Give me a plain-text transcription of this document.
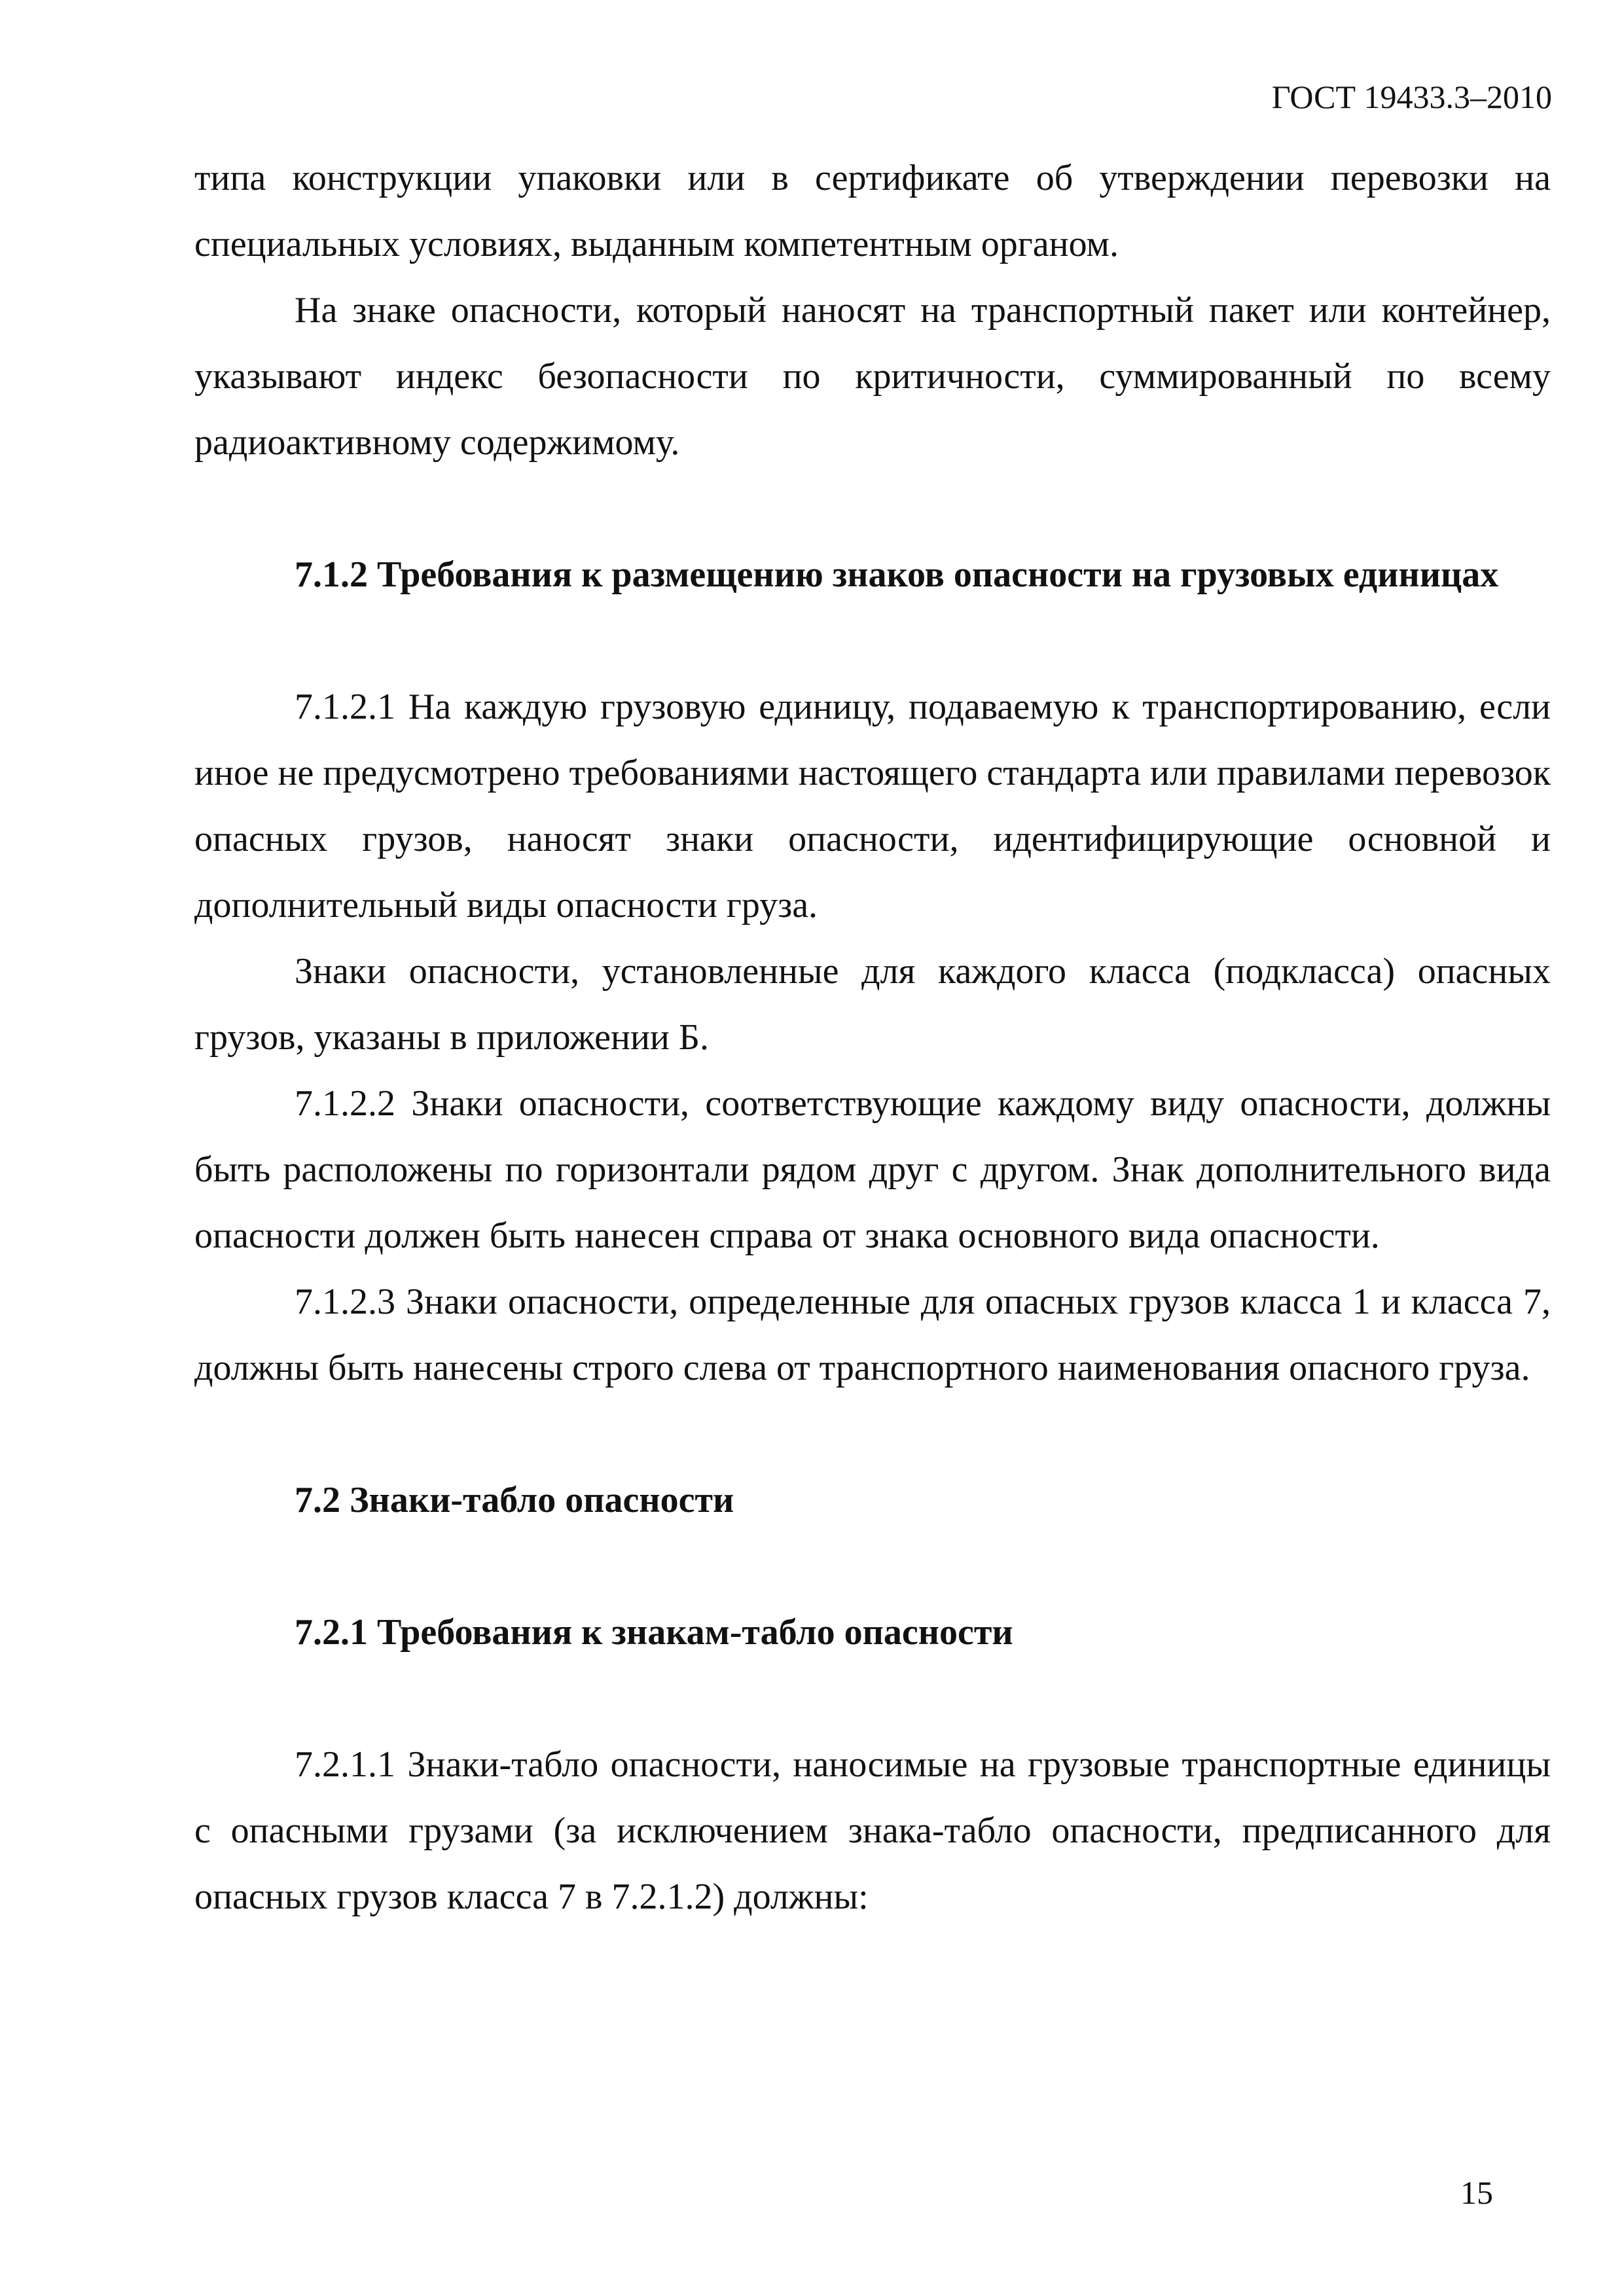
ГОСТ 19433.3–2010

типа конструкции упаковки или в сертификате об утверждении перевозки на специальных условиях, выданным компетентным органом.

На знаке опасности, который наносят на транспортный пакет или контейнер, указывают индекс безопасности по критичности, суммированный по всему радиоактивному содержимому.

7.1.2 Требования к размещению знаков опасности на грузовых единицах

7.1.2.1 На каждую грузовую единицу, подаваемую к транспортированию, если иное не предусмотрено требованиями настоящего стандарта или правилами перевозок опасных грузов, наносят знаки опасности, идентифицирующие основной и дополнительный виды опасности груза.

Знаки опасности, установленные для каждого класса (подкласса) опасных грузов, указаны в приложении Б.

7.1.2.2 Знаки опасности, соответствующие каждому виду опасности, должны быть расположены по горизонтали рядом друг с другом. Знак дополнительного вида опасности должен быть нанесен справа от знака основного вида опасности.

7.1.2.3 Знаки опасности, определенные для опасных грузов класса 1 и класса 7, должны быть нанесены строго слева от транспортного наименования опасного груза.

7.2 Знаки-табло опасности

7.2.1 Требования к знакам-табло опасности

7.2.1.1 Знаки-табло опасности, наносимые на грузовые транспортные единицы с опасными грузами (за исключением знака-табло опасности, предписанного для опасных грузов класса 7 в 7.2.1.2) должны:

15
